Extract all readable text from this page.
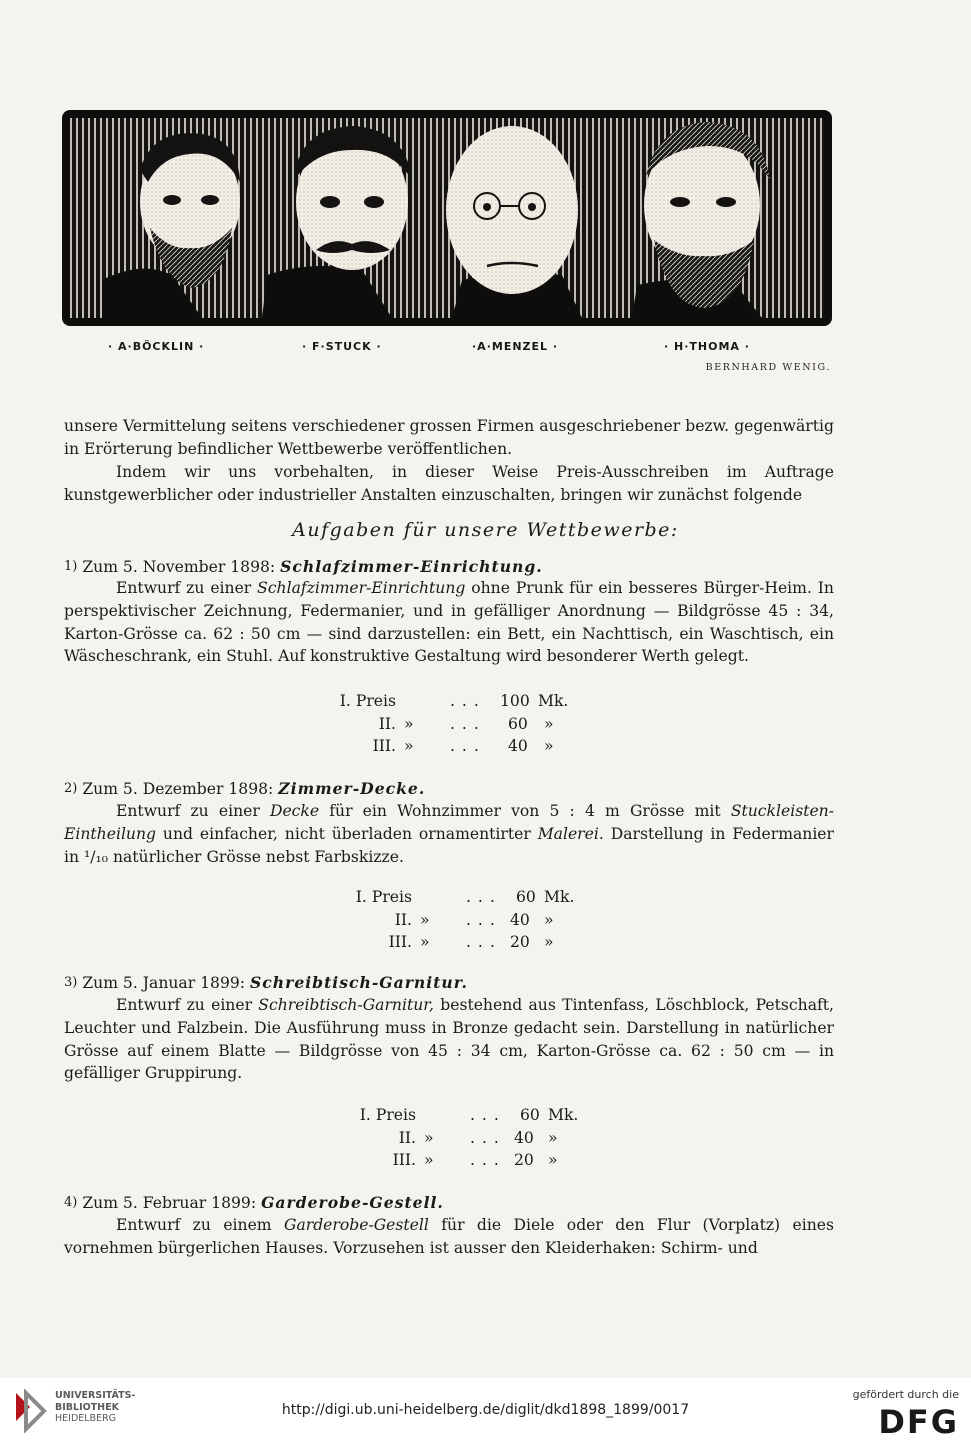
· A·BÖCKLIN ·	· F·STUCK ·	·A·MENZEL ·	· H·THOMA ·
BERNHARD WENIG.
unsere Vermittelung seitens verschiedener grossen Firmen ausgeschriebener bezw. gegenwärtig in Erörterung befindlicher Wettbewerbe veröffentlichen.
Indem wir uns vorbehalten, in dieser Weise Preis-Ausschreiben im Auftrage kunstgewerblicher oder industrieller Anstalten einzuschalten, bringen wir zunächst folgende
Aufgaben für unsere Wettbewerbe:
1) Zum 5. November 1898: Schlafzimmer-Einrichtung.
Entwurf zu einer Schlafzimmer-Einrichtung ohne Prunk für ein besseres Bürger-Heim. In perspektivischer Zeichnung, Federmanier, und in gefälliger Anordnung — Bildgrösse 45 : 34, Karton-Grösse ca. 62 : 50 cm — sind darzustellen: ein Bett, ein Nachttisch, ein Waschtisch, ein Wäscheschrank, ein Stuhl. Auf konstruktive Gestaltung wird besonderer Werth gelegt.
I. Preis	. . . 100 Mk.
II. » . . . 60 »
III. » . . . 40 »
2) Zum 5. Dezember 1898: Zimmer-Decke.
Entwurf zu einer Decke für ein Wohnzimmer von 5 : 4 m Grösse mit Stuckleisten-Eintheilung und einfacher, nicht überladen ornamentirter Malerei. Darstellung in Federmanier in ¹/₁₀ natürlicher Grösse nebst Farbskizze.
I. Preis	. . . 60 Mk.
II. » . . . 40 »
III. » . . . 20 »
3) Zum 5. Januar 1899: Schreibtisch-Garnitur.
Entwurf zu einer Schreibtisch-Garnitur, bestehend aus Tintenfass, Löschblock, Petschaft, Leuchter und Falzbein. Die Ausführung muss in Bronze gedacht sein. Darstellung in natürlicher Grösse auf einem Blatte — Bildgrösse von 45 : 34 cm, Karton-Grösse ca. 62 : 50 cm — in gefälliger Gruppirung.
I. Preis	. . . 60 Mk.
II. » . . . 40 »
III. » . . . 20 »
4) Zum 5. Februar 1899: Garderobe-Gestell.
Entwurf zu einem Garderobe-Gestell für die Diele oder den Flur (Vorplatz) eines vornehmen bürgerlichen Hauses. Vorzusehen ist ausser den Kleiderhaken: Schirm- und
UNIVERSITÄTS-
BIBLIOTHEK
HEIDELBERG
http://digi.ub.uni-heidelberg.de/diglit/dkd1898_1899/0017
gefördert durch die
DFG
